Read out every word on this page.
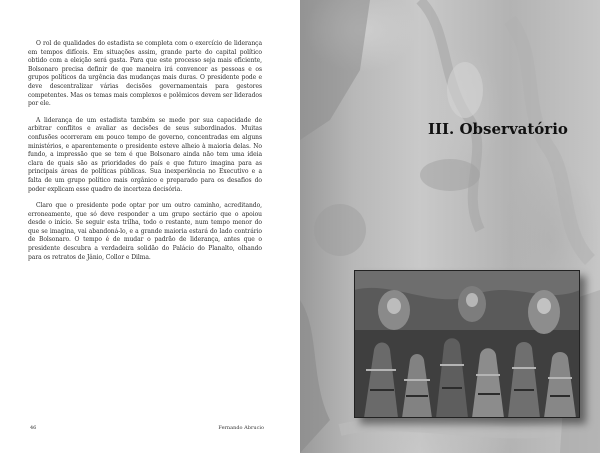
O rol de qualidades do estadista se completa com o exercício de liderança em tempos difíceis. Em situações assim, grande parte do capital político obtido com a eleição será gasta. Para que este processo seja mais eficiente, Bolsonaro precisa definir de que maneira irá convencer as pessoas e os grupos políticos da urgência das mudanças mais duras. O presidente pode e deve descentralizar várias decisões governamentais para gestores competentes. Mas os temas mais complexos e polêmicos devem ser liderados por ele.

A liderança de um estadista também se mede por sua capacidade de arbitrar conflitos e avaliar as decisões de seus subordinados. Muitas confusões ocorreram em pouco tempo de governo, concentradas em alguns ministérios, e aparentemente o presidente esteve alheio à maioria delas. No fundo, a impressão que se tem é que Bolsonaro ainda não tem uma ideia clara de quais são as prioridades do país e que futuro imagina para as principais áreas de políticas públicas. Sua inexperiência no Executivo e a falta de um grupo político mais orgânico e preparado para os desafios do poder explicam esse quadro de incerteza decisória.

Claro que o presidente pode optar por um outro caminho, acreditando, erroneamente, que só deve responder a um grupo sectário que o apoiou desde o início. Se seguir esta trilha, todo o restante, num tempo menor do que se imagina, vai abandoná-lo, e a grande maioria estará do lado contrário de Bolsonaro. O tempo é de mudar o padrão de liderança, antes que o presidente descubra a verdadeira solidão do Palácio do Planalto, olhando para os retratos de Jânio, Collor e Dilma.

46	Fernando Abrucio
III. Observatório
